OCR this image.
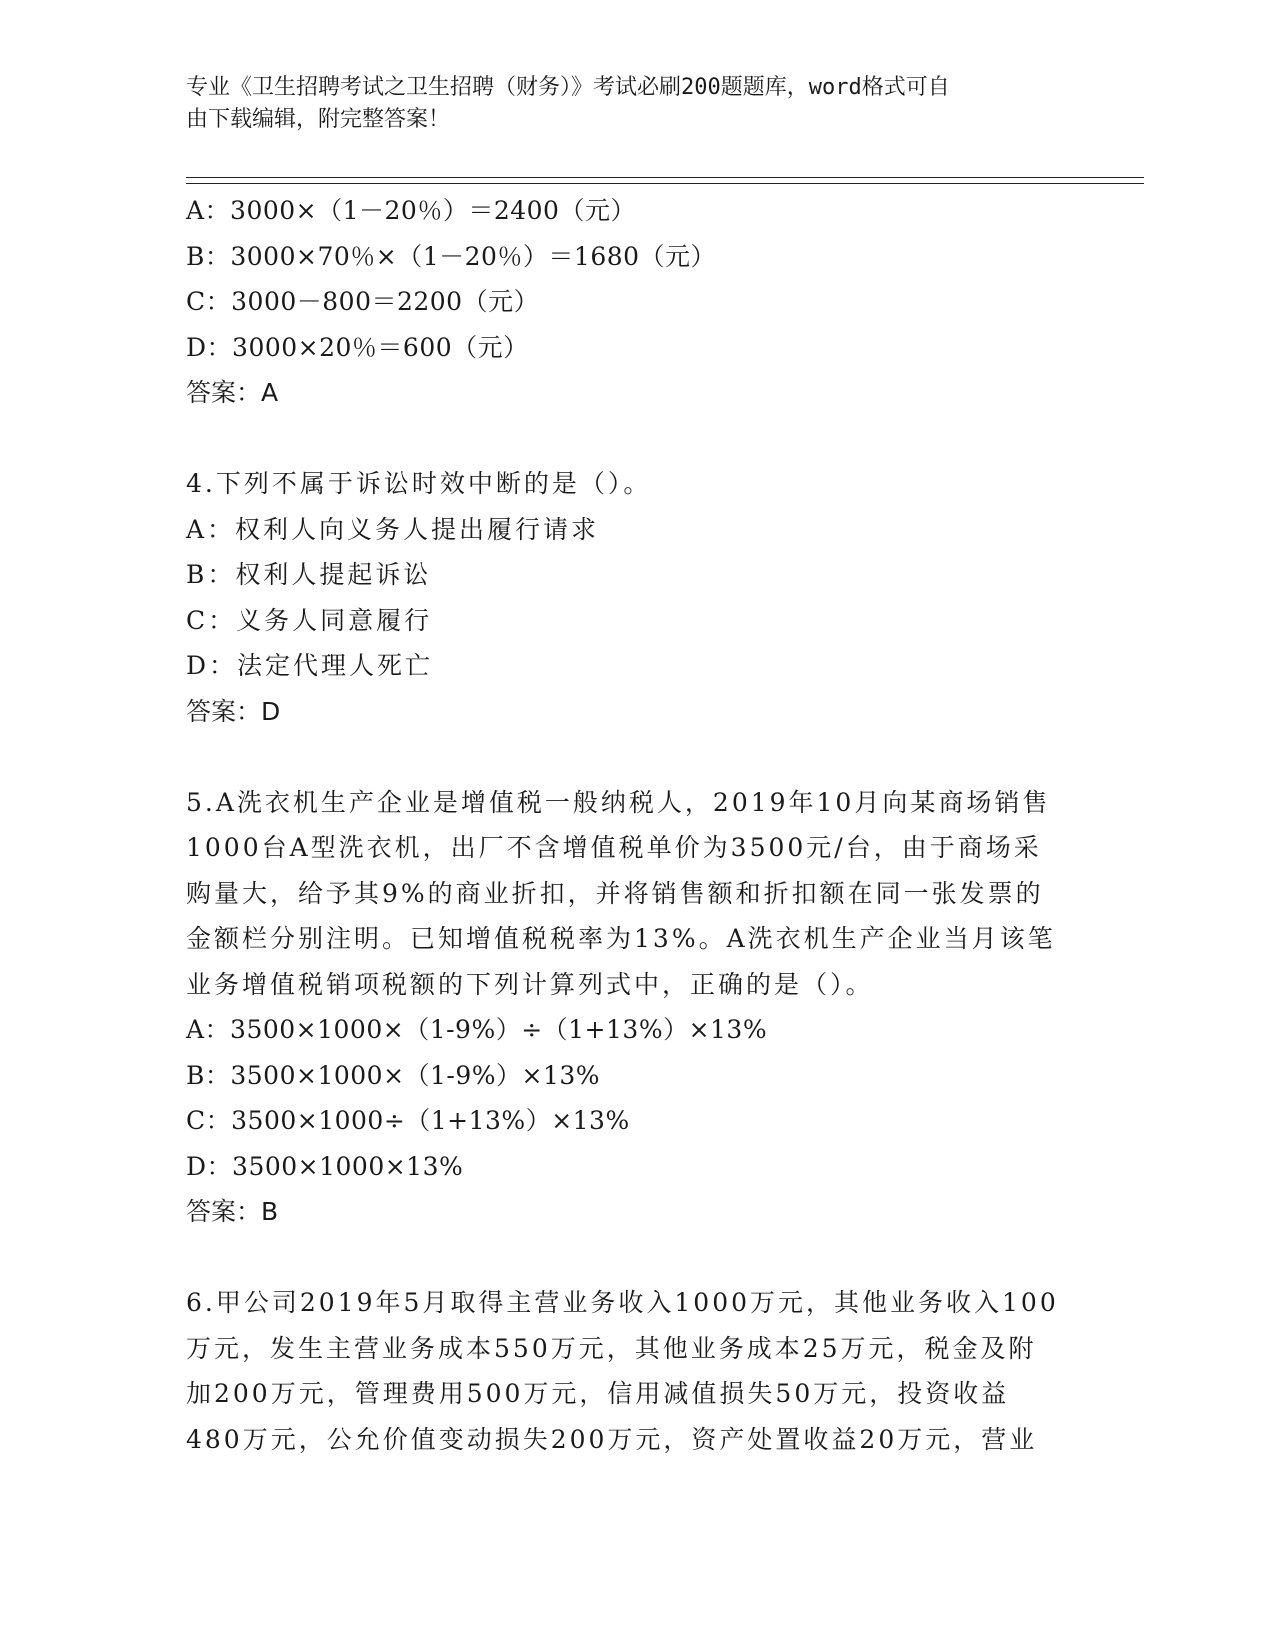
专业《卫生招聘考试之卫生招聘（财务）》考试必刷200题题库，word格式可自
由下载编辑，附完整答案！
A：3000×（1－20％）＝2400（元）
B：3000×70％×（1－20％）＝1680（元）
C：3000－800＝2200（元）
D：3000×20％＝600（元）
答案：A
4.下列不属于诉讼时效中断的是（）。
A：权利人向义务人提出履行请求
B：权利人提起诉讼
C：义务人同意履行
D：法定代理人死亡
答案：D
5.A洗衣机生产企业是增值税一般纳税人，2019年10月向某商场销售
1000台A型洗衣机，出厂不含增值税单价为3500元/台，由于商场采
购量大，给予其9%的商业折扣，并将销售额和折扣额在同一张发票的
金额栏分别注明。已知增值税税率为13%。A洗衣机生产企业当月该笔
业务增值税销项税额的下列计算列式中，正确的是（）。
A：3500×1000×（1-9%）÷（1+13%）×13%
B：3500×1000×（1-9%）×13%
C：3500×1000÷（1+13%）×13%
D：3500×1000×13%
答案：B
6.甲公司2019年5月取得主营业务收入1000万元，其他业务收入100
万元，发生主营业务成本550万元，其他业务成本25万元，税金及附
加200万元，管理费用500万元，信用减值损失50万元，投资收益
480万元，公允价值变动损失200万元，资产处置收益20万元，营业
